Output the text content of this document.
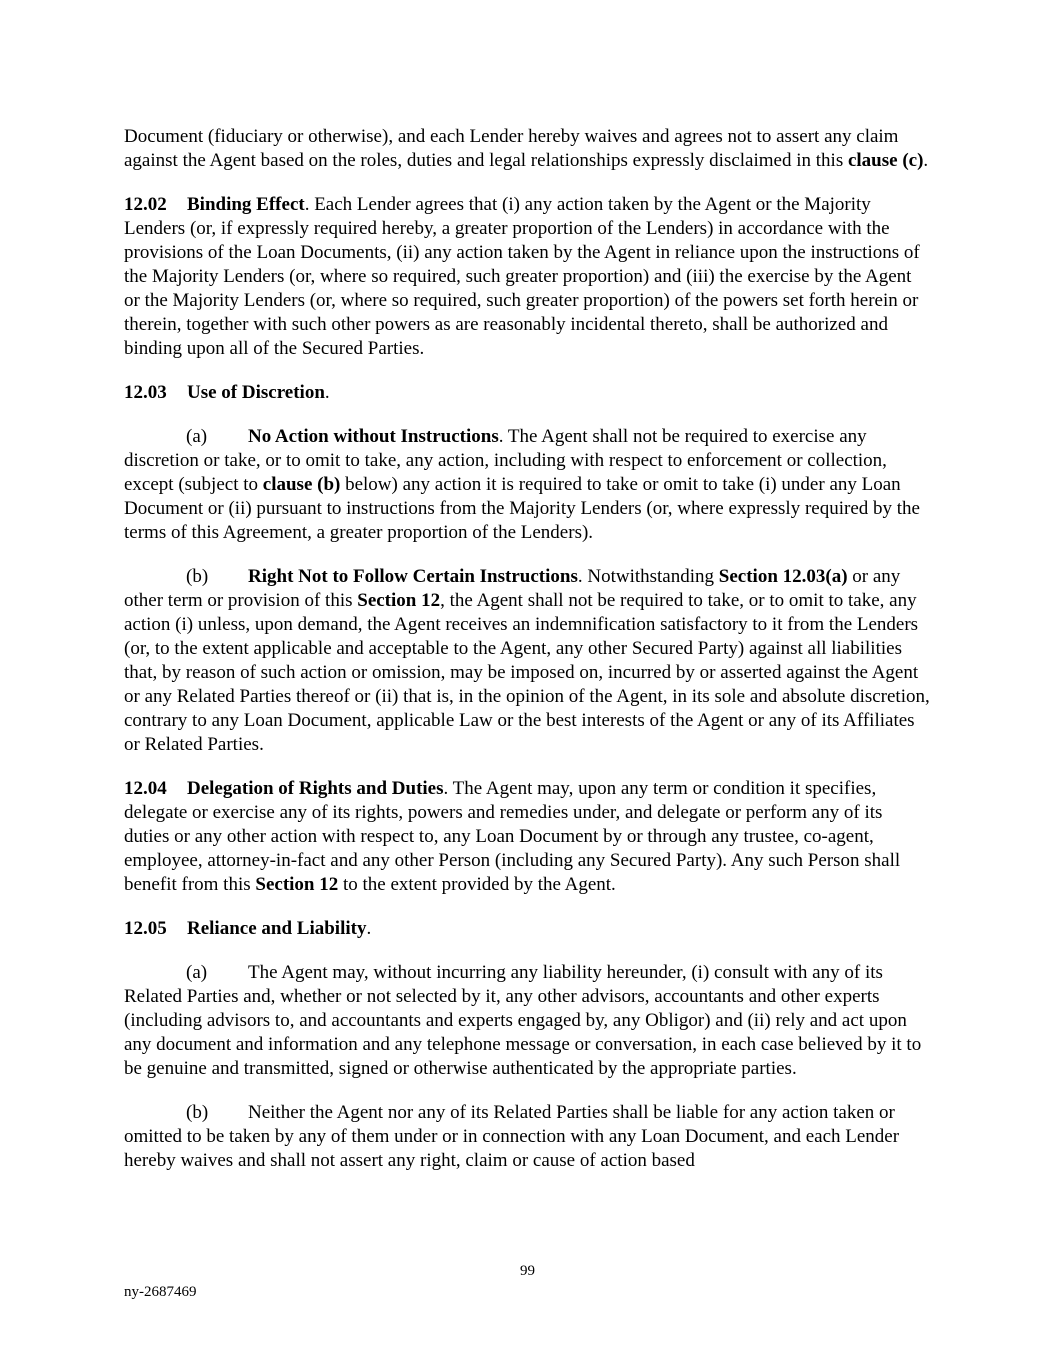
Document (fiduciary or otherwise), and each Lender hereby waives and agrees not to assert any claim against the Agent based on the roles, duties and legal relationships expressly disclaimed in this clause (c).

12.02 Binding Effect. Each Lender agrees that (i) any action taken by the Agent or the Majority Lenders (or, if expressly required hereby, a greater proportion of the Lenders) in accordance with the provisions of the Loan Documents, (ii) any action taken by the Agent in reliance upon the instructions of the Majority Lenders (or, where so required, such greater proportion) and (iii) the exercise by the Agent or the Majority Lenders (or, where so required, such greater proportion) of the powers set forth herein or therein, together with such other powers as are reasonably incidental thereto, shall be authorized and binding upon all of the Secured Parties.

12.03 Use of Discretion.

(a) No Action without Instructions. The Agent shall not be required to exercise any discretion or take, or to omit to take, any action, including with respect to enforcement or collection, except (subject to clause (b) below) any action it is required to take or omit to take (i) under any Loan Document or (ii) pursuant to instructions from the Majority Lenders (or, where expressly required by the terms of this Agreement, a greater proportion of the Lenders).

(b) Right Not to Follow Certain Instructions. Notwithstanding Section 12.03(a) or any other term or provision of this Section 12, the Agent shall not be required to take, or to omit to take, any action (i) unless, upon demand, the Agent receives an indemnification satisfactory to it from the Lenders (or, to the extent applicable and acceptable to the Agent, any other Secured Party) against all liabilities that, by reason of such action or omission, may be imposed on, incurred by or asserted against the Agent or any Related Parties thereof or (ii) that is, in the opinion of the Agent, in its sole and absolute discretion, contrary to any Loan Document, applicable Law or the best interests of the Agent or any of its Affiliates or Related Parties.

12.04 Delegation of Rights and Duties. The Agent may, upon any term or condition it specifies, delegate or exercise any of its rights, powers and remedies under, and delegate or perform any of its duties or any other action with respect to, any Loan Document by or through any trustee, co-agent, employee, attorney-in-fact and any other Person (including any Secured Party). Any such Person shall benefit from this Section 12 to the extent provided by the Agent.

12.05 Reliance and Liability.

(a) The Agent may, without incurring any liability hereunder, (i) consult with any of its Related Parties and, whether or not selected by it, any other advisors, accountants and other experts (including advisors to, and accountants and experts engaged by, any Obligor) and (ii) rely and act upon any document and information and any telephone message or conversation, in each case believed by it to be genuine and transmitted, signed or otherwise authenticated by the appropriate parties.

(b) Neither the Agent nor any of its Related Parties shall be liable for any action taken or omitted to be taken by any of them under or in connection with any Loan Document, and each Lender hereby waives and shall not assert any right, claim or cause of action based

99
ny-2687469
